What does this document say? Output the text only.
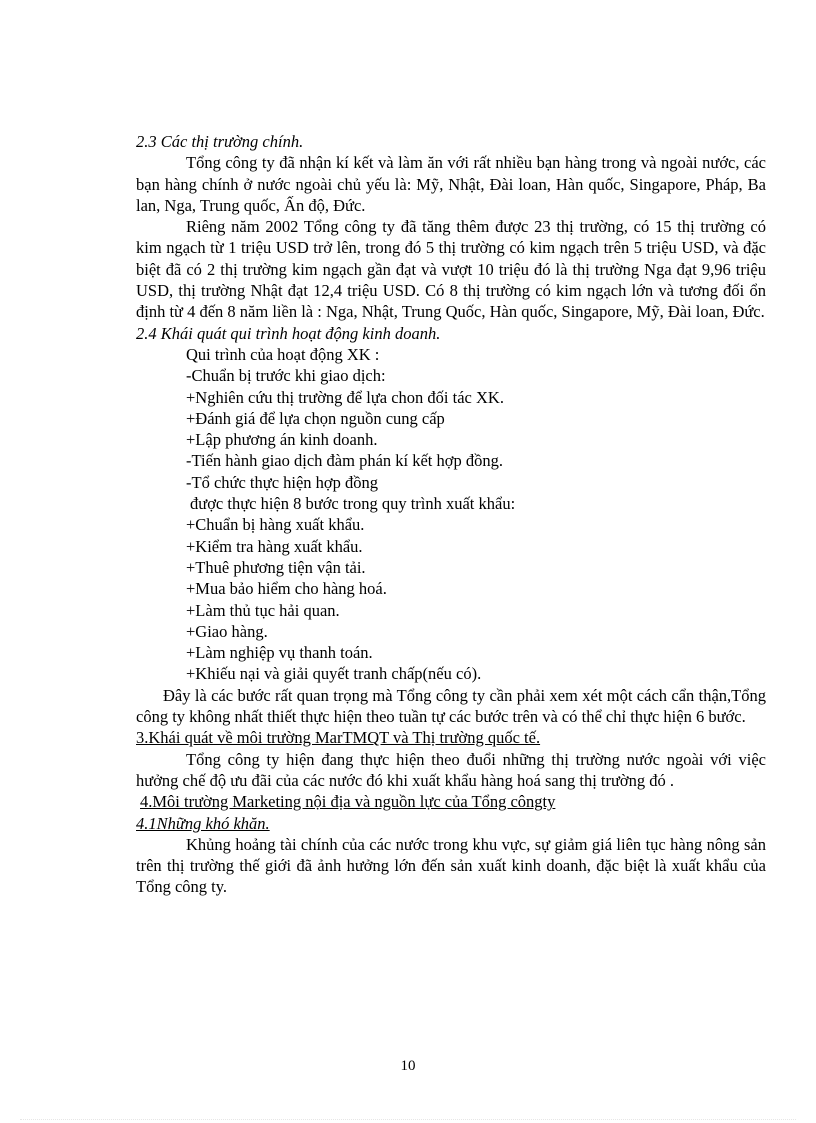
2.3 Các thị trường chính.

Tổng công ty đã nhận kí kết và làm ăn với rất nhiều bạn hàng trong và ngoài nước, các bạn hàng chính ở nước ngoài chủ yếu là: Mỹ, Nhật, Đài loan, Hàn quốc, Singapore, Pháp, Ba lan, Nga, Trung quốc, Ấn độ, Đức.

Riêng năm 2002 Tổng công ty đã tăng thêm được 23 thị trường, có 15 thị trường có kim ngạch từ 1 triệu USD trở lên, trong đó 5 thị trường có kim ngạch trên 5 triệu USD, và đặc biệt đã có 2 thị trường kim ngạch gần đạt và vượt 10 triệu đó là thị trường Nga đạt 9,96 triệu USD, thị trường Nhật đạt 12,4 triệu USD. Có 8 thị trường có kim ngạch lớn và tương đối ổn định từ 4 đến 8 năm liền là : Nga, Nhật, Trung Quốc, Hàn quốc, Singapore, Mỹ, Đài loan, Đức.

2.4 Khái quát qui trình hoạt động kinh doanh.

Qui trình của hoạt động XK :

-Chuẩn bị trước khi giao dịch:

+Nghiên cứu thị trường để lựa chon đối tác XK.

+Đánh giá để lựa chọn nguồn cung cấp

+Lập phương án kinh doanh.

-Tiến hành giao dịch đàm phán kí kết hợp đồng.

-Tổ chức thực hiện hợp đồng

được thực hiện 8 bước trong quy trình xuất khẩu:

+Chuẩn bị hàng xuất khẩu.

+Kiểm tra hàng xuất khẩu.

+Thuê phương tiện vận tải.

+Mua bảo hiểm cho hàng hoá.

+Làm thủ tục hải quan.

+Giao hàng.

+Làm nghiệp vụ thanh toán.

+Khiếu nại và giải quyết tranh chấp(nếu có).

Đây là các bước rất quan trọng mà Tổng công ty cần phải xem xét một cách cẩn thận,Tổng công ty không nhất thiết thực hiện theo tuần tự các bước trên và có thể chỉ thực hiện 6 bước.

3.Khái quát về môi trường MarTMQT và Thị trường quốc tế.

Tổng công ty hiện đang thực hiện theo đuổi những thị trường nước ngoài với việc hưởng chế độ ưu đãi của các nước đó khi xuất khẩu hàng hoá sang thị trường đó .

4.Môi trường Marketing nội địa và nguồn lực của Tổng côngty

4.1Những khó khăn.

Khủng hoảng tài chính của các nước trong khu vực, sự giảm giá liên tục hàng nông sản trên thị trường thế giới đã ảnh hưởng lớn đến sản xuất kinh doanh, đặc biệt là xuất khẩu của Tổng công ty.

10
